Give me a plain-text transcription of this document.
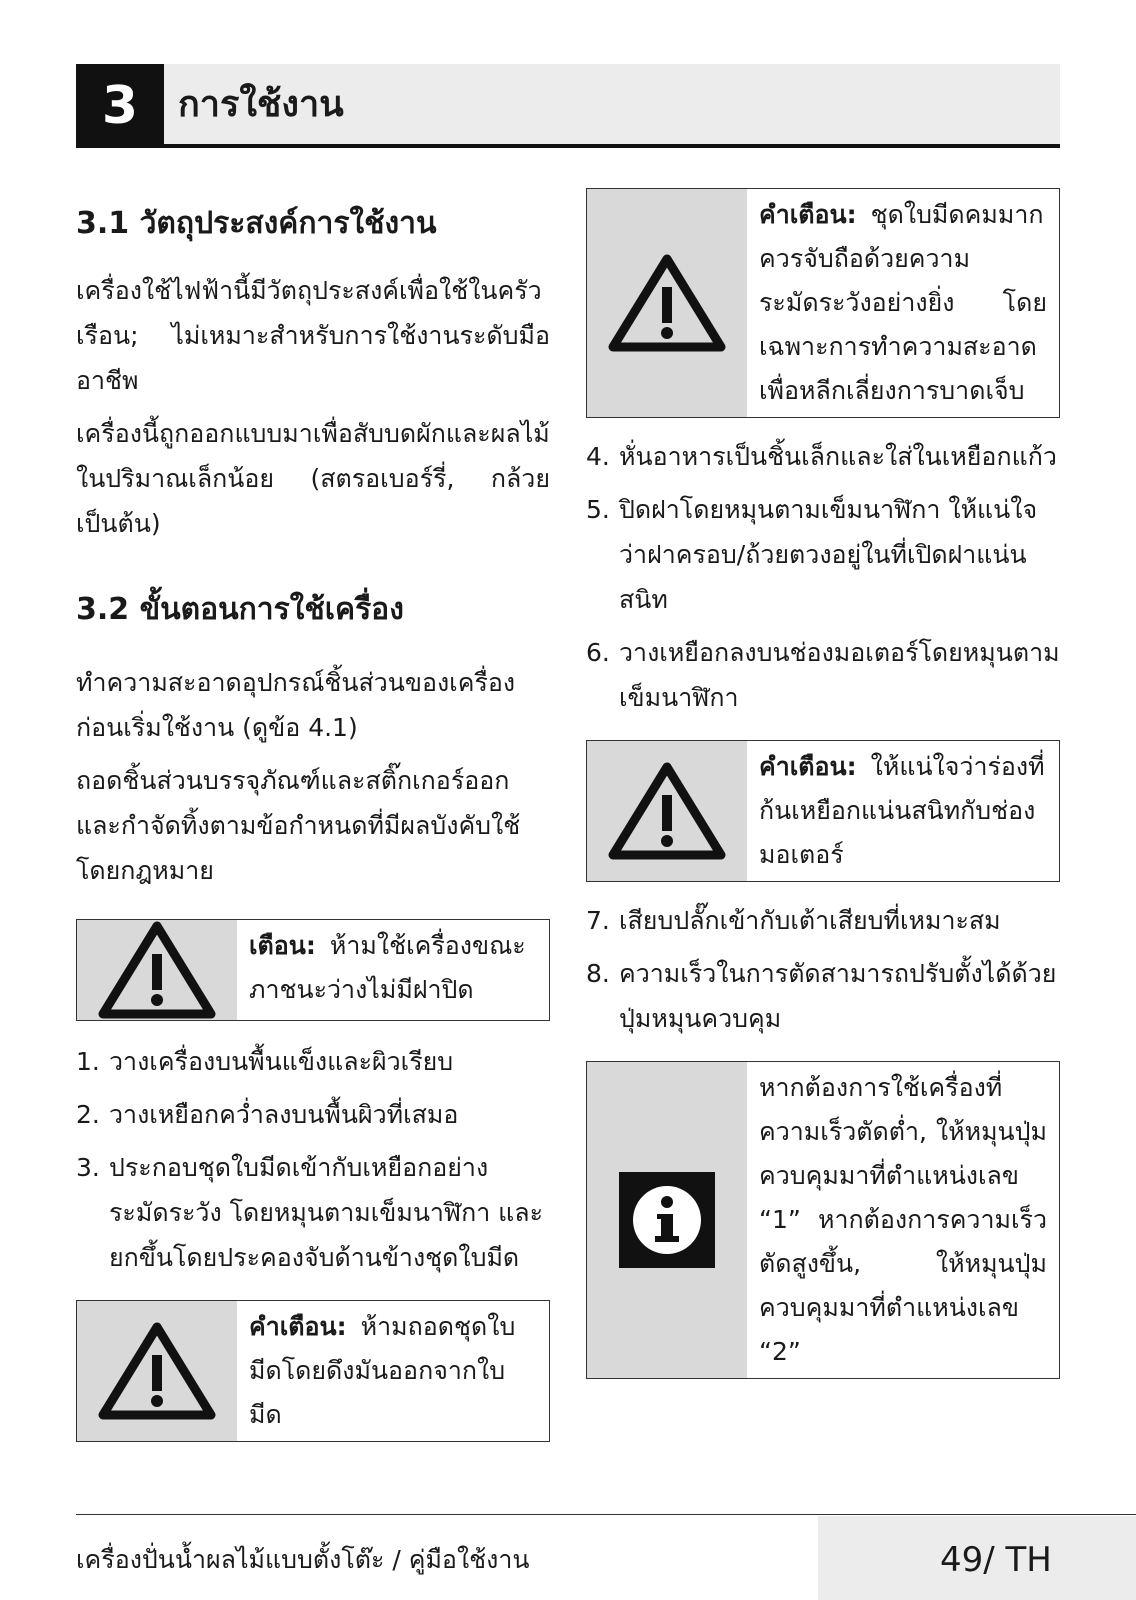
3	การใช้งาน
3.1 วัตถุประสงค์การใช้งาน

เครื่องใช้ไฟฟ้านี้มีวัตถุประสงค์เพื่อใช้ในครัวเรือน; ไม่เหมาะสำหรับการใช้งานระดับมืออาชีพ

เครื่องนี้ถูกออกแบบมาเพื่อสับบดผักและผลไม้ในปริมาณเล็กน้อย (สตรอเบอร์รี่, กล้วย เป็นต้น)

3.2 ขั้นตอนการใช้เครื่อง

ทำความสะอาดอุปกรณ์ชิ้นส่วนของเครื่องก่อนเริ่มใช้งาน (ดูข้อ 4.1)

ถอดชิ้นส่วนบรรจุภัณฑ์และสติ๊กเกอร์ออก และกำจัดทิ้งตามข้อกำหนดที่มีผลบังคับใช้โดยกฎหมาย

เตือน: ห้ามใช้เครื่องขณะภาชนะว่างไม่มีฝาปิด
1. วางเครื่องบนพื้นแข็งและผิวเรียบ
2. วางเหยือกคว่ำลงบนพื้นผิวที่เสมอ
3. ประกอบชุดใบมีดเข้ากับเหยือกอย่างระมัดระวัง โดยหมุนตามเข็มนาฬิกา และยกขึ้นโดยประคองจับด้านข้างชุดใบมีด
คำเตือน: ห้ามถอดชุดใบมีดโดยดึงมันออกจากใบมีด
คำเตือน: ชุดใบมีดคมมาก ควรจับถือด้วยความระมัดระวังอย่างยิ่ง โดยเฉพาะการทำความสะอาด เพื่อหลีกเลี่ยงการบาดเจ็บ
4. หั่นอาหารเป็นชิ้นเล็กและใส่ในเหยือกแก้ว
5. ปิดฝาโดยหมุนตามเข็มนาฬิกา ให้แน่ใจว่าฝาครอบ/ถ้วยตวงอยู่ในที่เปิดฝาแน่นสนิท
6. วางเหยือกลงบนช่องมอเตอร์โดยหมุนตามเข็มนาฬิกา
คำเตือน: ให้แน่ใจว่าร่องที่ก้นเหยือกแน่นสนิทกับช่องมอเตอร์
7. เสียบปลั๊กเข้ากับเต้าเสียบที่เหมาะสม
8. ความเร็วในการตัดสามารถปรับตั้งได้ด้วยปุ่มหมุนควบคุม
หากต้องการใช้เครื่องที่ความเร็วตัดต่ำ, ให้หมุนปุ่มควบคุมมาที่ตำแหน่งเลข “1” หากต้องการความเร็วตัดสูงขึ้น, ให้หมุนปุ่มควบคุมมาที่ตำแหน่งเลข “2”
เครื่องปั่นน้ำผลไม้แบบตั้งโต๊ะ / คู่มือใช้งาน	49/ TH
